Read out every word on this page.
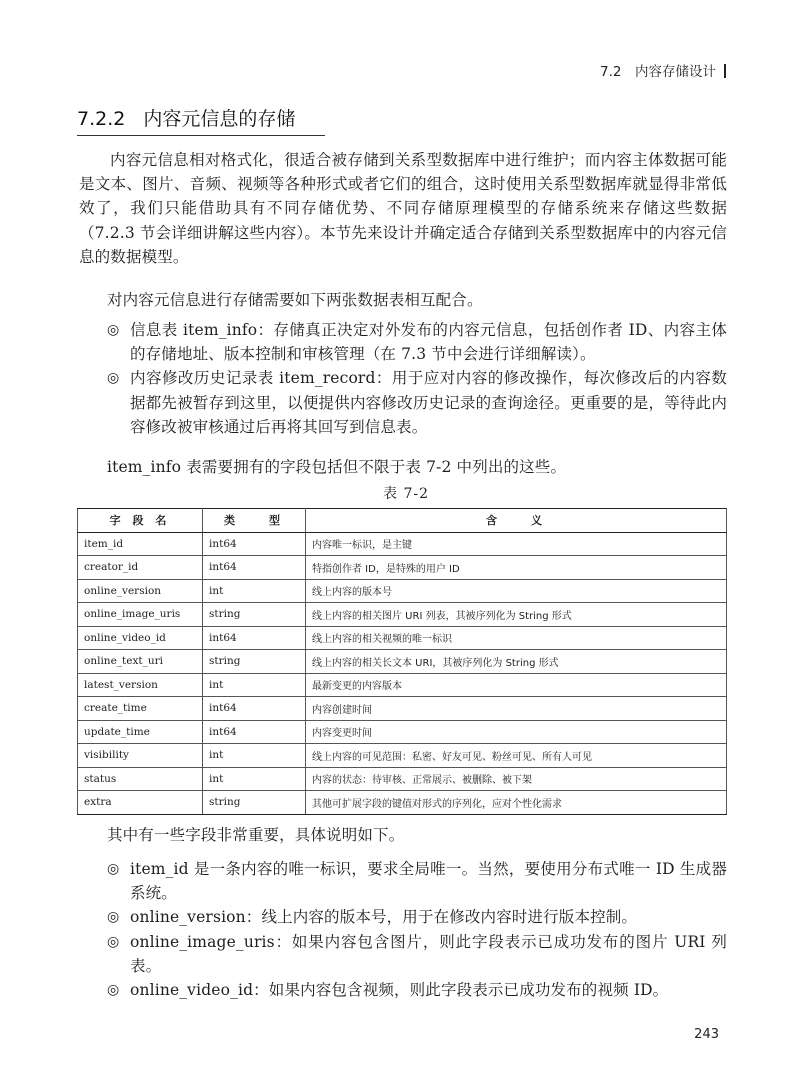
7.2　内容存储设计
7.2.2 内容元信息的存储

内容元信息相对格式化，很适合被存储到关系型数据库中进行维护；而内容主体数据可能是文本、图片、音频、视频等各种形式或者它们的组合，这时使用关系型数据库就显得非常低效了，我们只能借助具有不同存储优势、不同存储原理模型的存储系统来存储这些数据（7.2.3 节会详细讲解这些内容）。本节先来设计并确定适合存储到关系型数据库中的内容元信息的数据模型。

对内容元信息进行存储需要如下两张数据表相互配合。

◎ 信息表 item_info：存储真正决定对外发布的内容元信息，包括创作者 ID、内容主体的存储地址、版本控制和审核管理（在 7.3 节中会进行详细解读）。
◎ 内容修改历史记录表 item_record：用于应对内容的修改操作，每次修改后的内容数据都先被暂存到这里，以便提供内容修改历史记录的查询途径。更重要的是，等待此内容修改被审核通过后再将其回写到信息表。

item_info 表需要拥有的字段包括但不限于表 7-2 中列出的这些。

表 7-2
字 段 名	类　　型	含　　义
item_id	int64	内容唯一标识，是主键
creator_id	int64	特指创作者 ID，是特殊的用户 ID
online_version	int	线上内容的版本号
online_image_uris	string	线上内容的相关图片 URI 列表，其被序列化为 String 形式
online_video_id	int64	线上内容的相关视频的唯一标识
online_text_uri	string	线上内容的相关长文本 URI，其被序列化为 String 形式
latest_version	int	最新变更的内容版本
create_time	int64	内容创建时间
update_time	int64	内容变更时间
visibility	int	线上内容的可见范围：私密、好友可见、粉丝可见、所有人可见
status	int	内容的状态：待审核、正常展示、被删除、被下架
extra	string	其他可扩展字段的键值对形式的序列化，应对个性化需求

其中有一些字段非常重要，具体说明如下。

◎ item_id 是一条内容的唯一标识，要求全局唯一。当然，要使用分布式唯一 ID 生成器系统。
◎ online_version：线上内容的版本号，用于在修改内容时进行版本控制。
◎ online_image_uris：如果内容包含图片，则此字段表示已成功发布的图片 URI 列表。
◎ online_video_id：如果内容包含视频，则此字段表示已成功发布的视频 ID。
243
